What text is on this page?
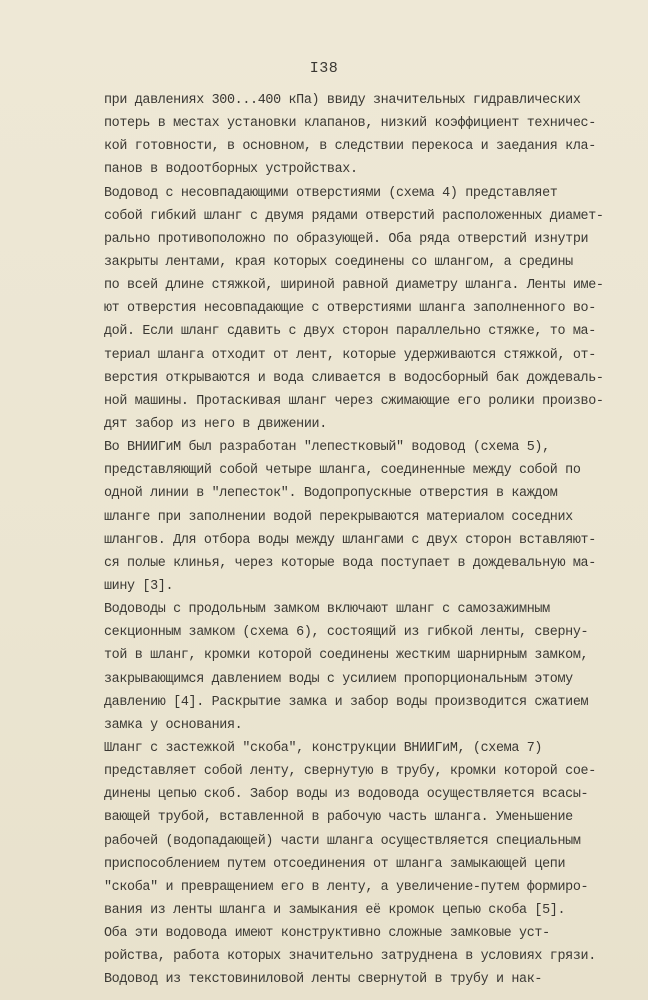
I38
при давлениях 300...400 кПа) ввиду значительных гидравлических
потерь в местах установки клапанов, низкий коэффициент техничес-
кой готовности, в основном, в следствии перекоса и заедания кла-
панов в водоотборных устройствах.
Водовод с несовпадающими отверстиями (схема 4) представляет
собой гибкий шланг с двумя рядами отверстий расположенных диамет-
рально противоположно по образующей. Оба ряда отверстий изнутри
закрыты лентами, края которых соединены со шлангом, а средины
по всей длине стяжкой, шириной равной диаметру шланга. Ленты име-
ют отверстия несовпадающие с отверстиями шланга заполненного во-
дой. Если шланг сдавить с двух сторон параллельно стяжке, то ма-
териал шланга отходит от лент, которые удерживаются стяжкой, от-
верстия открываются и вода сливается в водосборный бак дождеваль-
ной машины. Протаскивая шланг через сжимающие его ролики произво-
дят забор из него в движении.
Во ВНИИГиМ был разработан "лепестковый" водовод (схема 5),
представляющий собой четыре шланга, соединенные между собой по
одной линии в "лепесток". Водопропускные отверстия в каждом
шланге при заполнении водой перекрываются материалом соседних
шлангов. Для отбора воды между шлангами с двух сторон вставляют-
ся полые клинья, через которые вода поступает в дождевальную ма-
шину [3].
Водоводы с продольным замком включают шланг с самозажимным
секционным замком (схема 6), состоящий из гибкой ленты, сверну-
той в шланг, кромки которой соединены жестким шарнирным замком,
закрывающимся давлением воды с усилием пропорциональным этому
давлению [4]. Раскрытие замка и забор воды производится сжатием
замка у основания.
Шланг с застежкой "скоба", конструкции ВНИИГиМ, (схема 7)
представляет собой ленту, свернутую в трубу, кромки которой сое-
динены цепью скоб. Забор воды из водовода осуществляется всасы-
вающей трубой, вставленной в рабочую часть шланга. Уменьшение
рабочей (водопадающей) части шланга осуществляется специальным
приспособлением путем отсоединения от шланга замыкающей цепи
"скоба" и превращением его в ленту, а увеличение-путем формиро-
вания из ленты шланга и замыкания её кромок цепью скоба [5].
Оба эти водовода имеют конструктивно сложные замковые уст-
ройства, работа которых значительно затруднена в условиях грязи.
Водовод из текстовиниловой ленты свернутой в трубу и нак-
